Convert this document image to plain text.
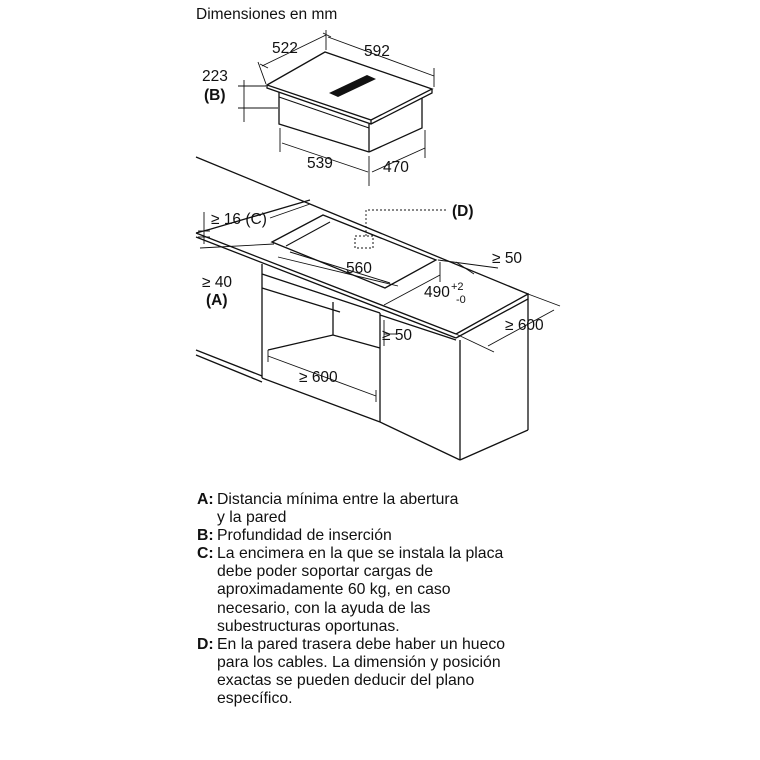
Dimensiones en mm
522	592
223
(B)
539	470
(D)
≥ 16 (C)
≥ 40
(A)
560
490 +2
-0
≥ 50
≥ 50
≥ 600
≥ 600
A: Distancia mínima entre la abertura
y la pared
B: Profundidad de inserción
C: La encimera en la que se instala la placa
debe poder soportar cargas de
aproximadamente 60 kg, en caso
necesario, con la ayuda de las
subestructuras oportunas.
D: En la pared trasera debe haber un hueco
para los cables. La dimensión y posición
exactas se pueden deducir del plano
específico.
